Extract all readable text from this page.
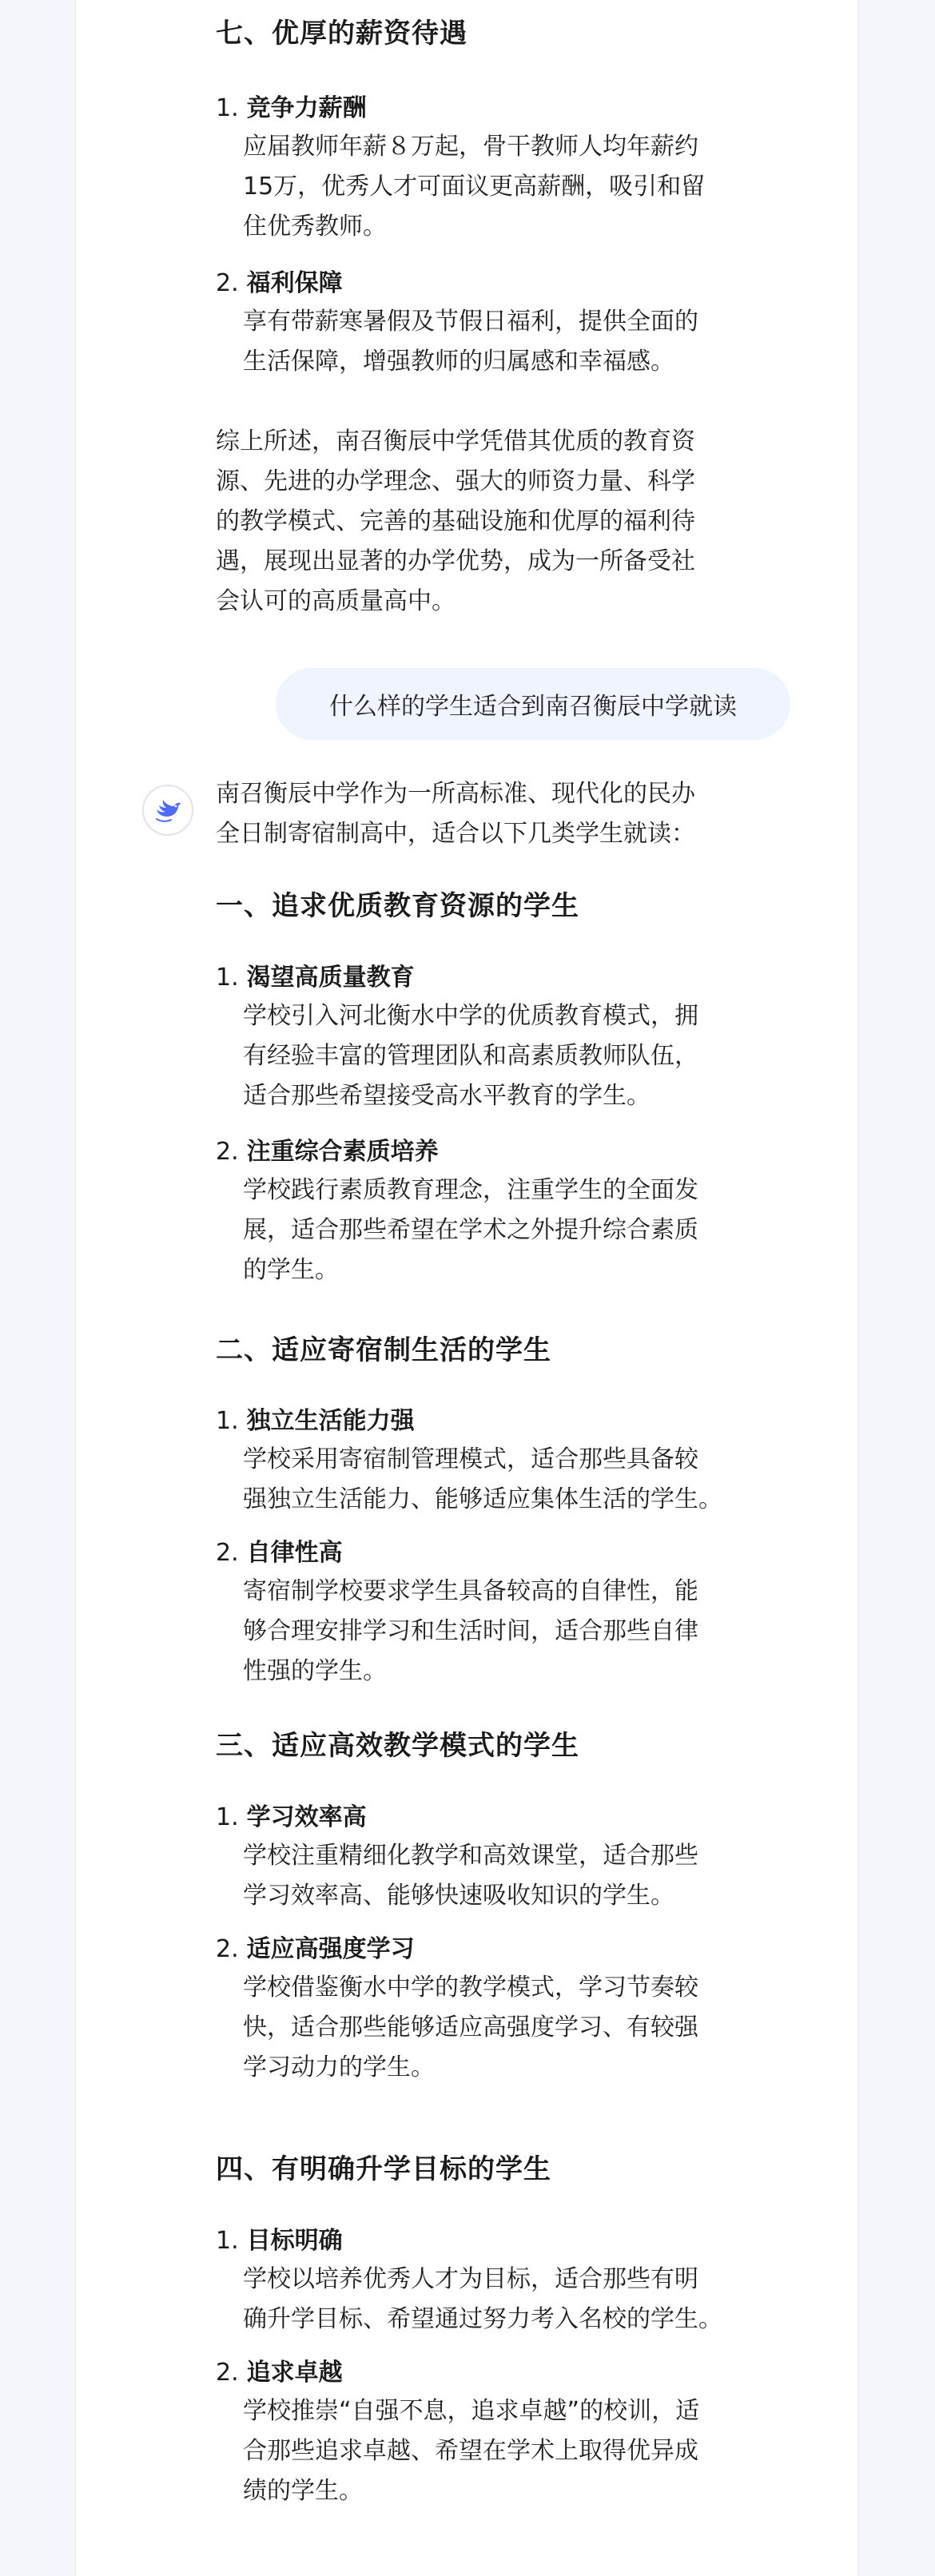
七、优厚的薪资待遇
1. 竞争力薪酬
应届教师年薪８万起，骨干教师人均年薪约
15万，优秀人才可面议更高薪酬，吸引和留
住优秀教师。
2. 福利保障
享有带薪寒暑假及节假日福利，提供全面的
生活保障，增强教师的归属感和幸福感。
综上所述，南召衡辰中学凭借其优质的教育资
源、先进的办学理念、强大的师资力量、科学
的教学模式、完善的基础设施和优厚的福利待
遇，展现出显著的办学优势，成为一所备受社
会认可的高质量高中。
什么样的学生适合到南召衡辰中学就读
南召衡辰中学作为一所高标准、现代化的民办
全日制寄宿制高中，适合以下几类学生就读：
一、追求优质教育资源的学生
1. 渴望高质量教育
学校引入河北衡水中学的优质教育模式，拥
有经验丰富的管理团队和高素质教师队伍，
适合那些希望接受高水平教育的学生。
2. 注重综合素质培养
学校践行素质教育理念，注重学生的全面发
展，适合那些希望在学术之外提升综合素质
的学生。
二、适应寄宿制生活的学生
1. 独立生活能力强
学校采用寄宿制管理模式，适合那些具备较
强独立生活能力、能够适应集体生活的学生。
2. 自律性高
寄宿制学校要求学生具备较高的自律性，能
够合理安排学习和生活时间，适合那些自律
性强的学生。
三、适应高效教学模式的学生
1. 学习效率高
学校注重精细化教学和高效课堂，适合那些
学习效率高、能够快速吸收知识的学生。
2. 适应高强度学习
学校借鉴衡水中学的教学模式，学习节奏较
快，适合那些能够适应高强度学习、有较强
学习动力的学生。
四、有明确升学目标的学生
1. 目标明确
学校以培养优秀人才为目标，适合那些有明
确升学目标、希望通过努力考入名校的学生。
2. 追求卓越
学校推崇“自强不息，追求卓越”的校训，适
合那些追求卓越、希望在学术上取得优异成
绩的学生。
